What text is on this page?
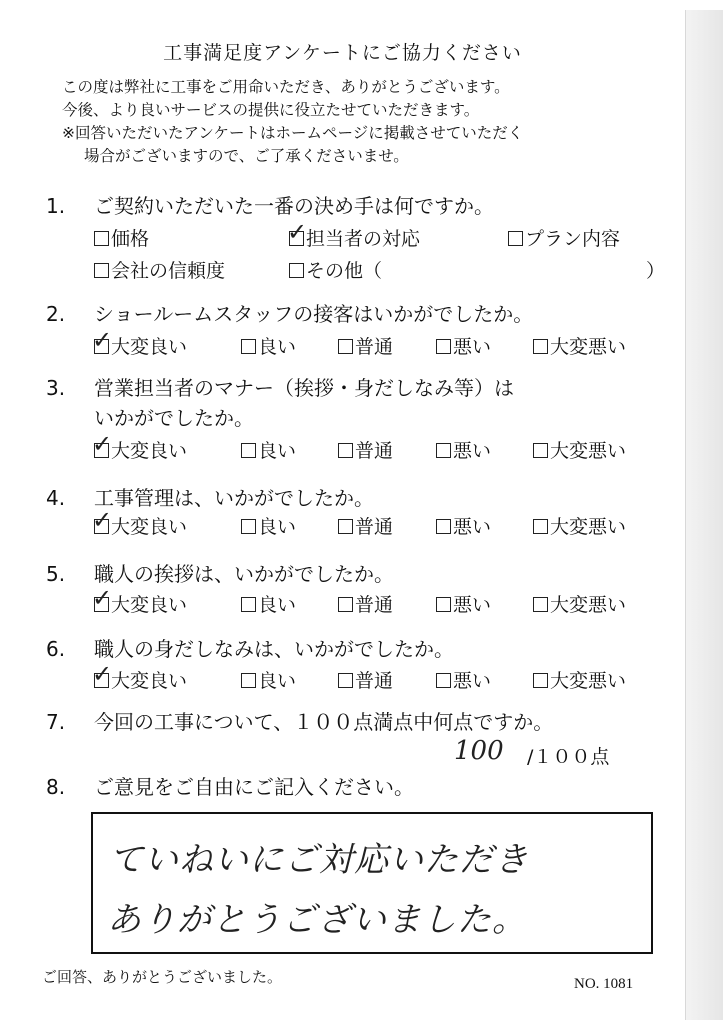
工事満足度アンケートにご協力ください
この度は弊社に工事をご用命いただき、ありがとうございます。
今後、より良いサービスの提供に役立たせていただきます。
※回答いただいたアンケートはホームページに掲載させていただく
場合がございますので、ご了承くださいませ。
1. ご契約いただいた一番の決め手は何ですか。
価格	✓
担当者の対応	プラン内容
会社の信頼度	その他（	）
2. ショールームスタッフの接客はいかがでしたか。
✓
大変良い	良い	普通	悪い	大変悪い
3. 営業担当者のマナー（挨拶・身だしなみ等）は
いかがでしたか。
✓
大変良い	良い	普通	悪い	大変悪い
4. 工事管理は、いかがでしたか。
✓
大変良い	良い	普通	悪い	大変悪い
5. 職人の挨拶は、いかがでしたか。
✓
大変良い	良い	普通	悪い	大変悪い
6. 職人の身だしなみは、いかがでしたか。
✓
大変良い	良い	普通	悪い	大変悪い
7. 今回の工事について、１００点満点中何点ですか。
100 /１００点
8. ご意見をご自由にご記入ください。
ていねいにご対応いただき
ありがとうございました。
ご回答、ありがとうございました。	NO. 1081
